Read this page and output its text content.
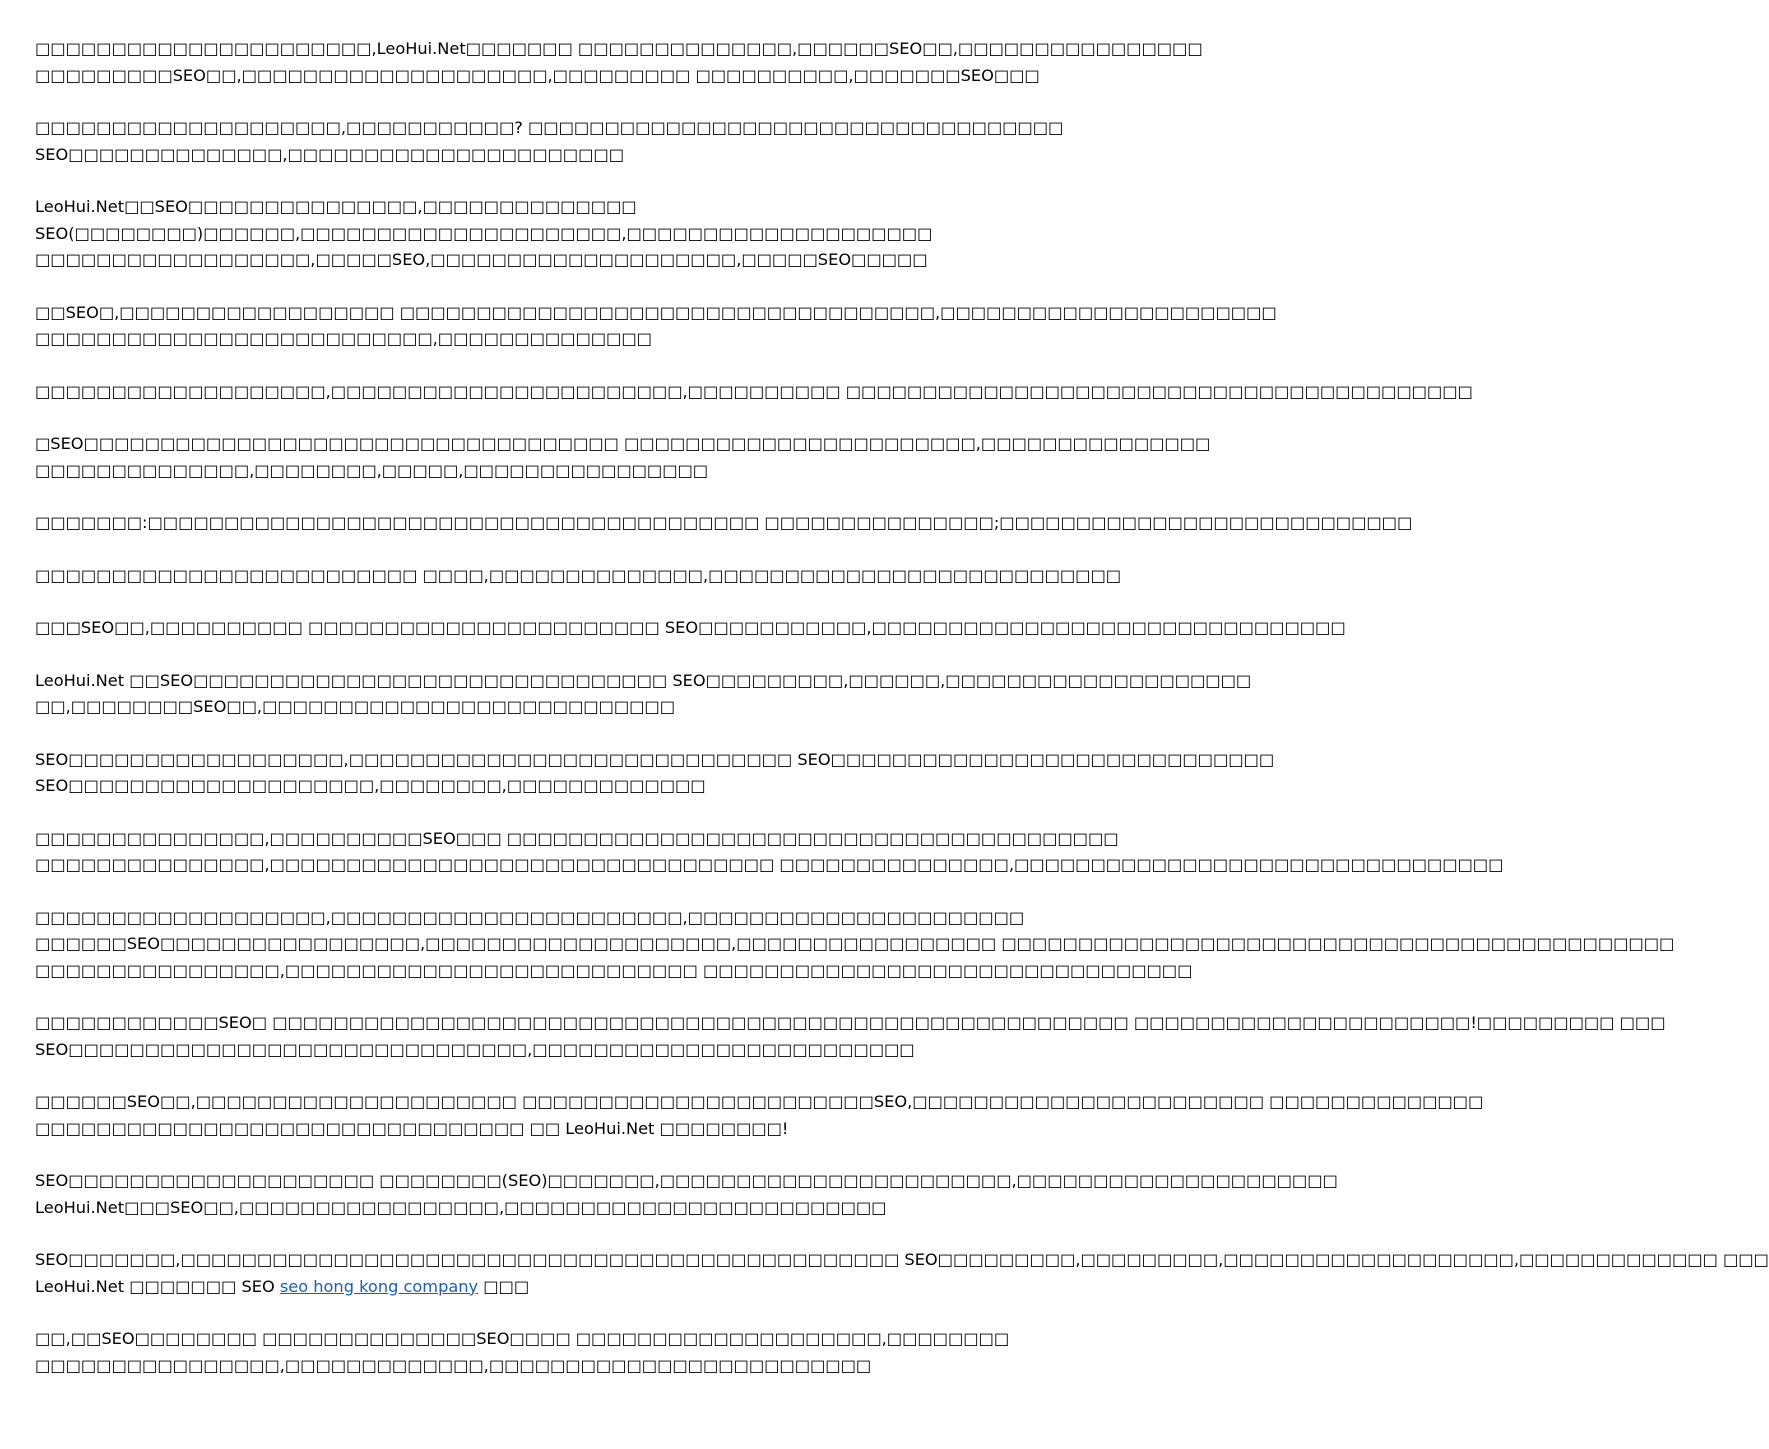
□□□□□□□□□□□□□□□□□□□□□□,LeoHui.Net□□□□□□□ □□□□□□□□□□□□□□,□□□□□□SEO□□,□□□□□□□□□□□□□□□□
□□□□□□□□□SEO□□,□□□□□□□□□□□□□□□□□□□□,□□□□□□□□□ □□□□□□□□□□,□□□□□□□SEO□□□

□□□□□□□□□□□□□□□□□□□□,□□□□□□□□□□□? □□□□□□□□□□□□□□□□□□□□□□□□□□□□□□□□□□□
SEO□□□□□□□□□□□□□□,□□□□□□□□□□□□□□□□□□□□□□

LeoHui.Net□□SEO□□□□□□□□□□□□□□□,□□□□□□□□□□□□□□
SEO(□□□□□□□□)□□□□□□,□□□□□□□□□□□□□□□□□□□□□,□□□□□□□□□□□□□□□□□□□□
□□□□□□□□□□□□□□□□□□,□□□□□SEO,□□□□□□□□□□□□□□□□□□□□,□□□□□SEO□□□□□

□□SEO□,□□□□□□□□□□□□□□□□□□ □□□□□□□□□□□□□□□□□□□□□□□□□□□□□□□□□□□,□□□□□□□□□□□□□□□□□□□□□□
□□□□□□□□□□□□□□□□□□□□□□□□□□,□□□□□□□□□□□□□□

□□□□□□□□□□□□□□□□□□□,□□□□□□□□□□□□□□□□□□□□□□□,□□□□□□□□□□ □□□□□□□□□□□□□□□□□□□□□□□□□□□□□□□□□□□□□□□□□

□SEO□□□□□□□□□□□□□□□□□□□□□□□□□□□□□□□□□□□ □□□□□□□□□□□□□□□□□□□□□□□,□□□□□□□□□□□□□□□
□□□□□□□□□□□□□□,□□□□□□□□,□□□□□,□□□□□□□□□□□□□□□□

□□□□□□□:□□□□□□□□□□□□□□□□□□□□□□□□□□□□□□□□□□□□□□□□ □□□□□□□□□□□□□□□;□□□□□□□□□□□□□□□□□□□□□□□□□□□

□□□□□□□□□□□□□□□□□□□□□□□□□ □□□□,□□□□□□□□□□□□□□,□□□□□□□□□□□□□□□□□□□□□□□□□□□

□□□SEO□□,□□□□□□□□□□ □□□□□□□□□□□□□□□□□□□□□□□ SEO□□□□□□□□□□□,□□□□□□□□□□□□□□□□□□□□□□□□□□□□□□□

LeoHui.Net □□SEO□□□□□□□□□□□□□□□□□□□□□□□□□□□□□□□ SEO□□□□□□□□□,□□□□□□,□□□□□□□□□□□□□□□□□□□□
□□,□□□□□□□□SEO□□,□□□□□□□□□□□□□□□□□□□□□□□□□□□

SEO□□□□□□□□□□□□□□□□□□,□□□□□□□□□□□□□□□□□□□□□□□□□□□□□ SEO□□□□□□□□□□□□□□□□□□□□□□□□□□□□□
SEO□□□□□□□□□□□□□□□□□□□□,□□□□□□□□,□□□□□□□□□□□□□

□□□□□□□□□□□□□□□,□□□□□□□□□□SEO□□□ □□□□□□□□□□□□□□□□□□□□□□□□□□□□□□□□□□□□□□□□
□□□□□□□□□□□□□□□,□□□□□□□□□□□□□□□□□□□□□□□□□□□□□□□□□ □□□□□□□□□□□□□□□,□□□□□□□□□□□□□□□□□□□□□□□□□□□□□□□□

□□□□□□□□□□□□□□□□□□□,□□□□□□□□□□□□□□□□□□□□□□□,□□□□□□□□□□□□□□□□□□□□□□
□□□□□□SEO□□□□□□□□□□□□□□□□□,□□□□□□□□□□□□□□□□□□□□,□□□□□□□□□□□□□□□□□ □□□□□□□□□□□□□□□□□□□□□□□□□□□□□□□□□□□□□□□□□□□□
□□□□□□□□□□□□□□□□,□□□□□□□□□□□□□□□□□□□□□□□□□□□ □□□□□□□□□□□□□□□□□□□□□□□□□□□□□□□□

□□□□□□□□□□□□SEO□ □□□□□□□□□□□□□□□□□□□□□□□□□□□□□□□□□□□□□□□□□□□□□□□□□□□□□□□□ □□□□□□□□□□□□□□□□□□□□□□!□□□□□□□□□ □□□
SEO□□□□□□□□□□□□□□□□□□□□□□□□□□□□□□,□□□□□□□□□□□□□□□□□□□□□□□□□

□□□□□□SEO□□,□□□□□□□□□□□□□□□□□□□□□ □□□□□□□□□□□□□□□□□□□□□□□SEO,□□□□□□□□□□□□□□□□□□□□□□□ □□□□□□□□□□□□□□
□□□□□□□□□□□□□□□□□□□□□□□□□□□□□□□□ □□ LeoHui.Net □□□□□□□□!

SEO□□□□□□□□□□□□□□□□□□□□ □□□□□□□□(SEO)□□□□□□□,□□□□□□□□□□□□□□□□□□□□□□□,□□□□□□□□□□□□□□□□□□□□□
LeoHui.Net□□□SEO□□,□□□□□□□□□□□□□□□□□,□□□□□□□□□□□□□□□□□□□□□□□□□

SEO□□□□□□□,□□□□□□□□□□□□□□□□□□□□□□□□□□□□□□□□□□□□□□□□□□□□□□□ SEO□□□□□□□□□,□□□□□□□□□,□□□□□□□□□□□□□□□□□□□,□□□□□□□□□□□□□ □□□
LeoHui.Net □□□□□□□ SEO seo hong kong company □□□

□□,□□SEO□□□□□□□□ □□□□□□□□□□□□□□SEO□□□□ □□□□□□□□□□□□□□□□□□□□,□□□□□□□□
□□□□□□□□□□□□□□□□,□□□□□□□□□□□□□,□□□□□□□□□□□□□□□□□□□□□□□□□
